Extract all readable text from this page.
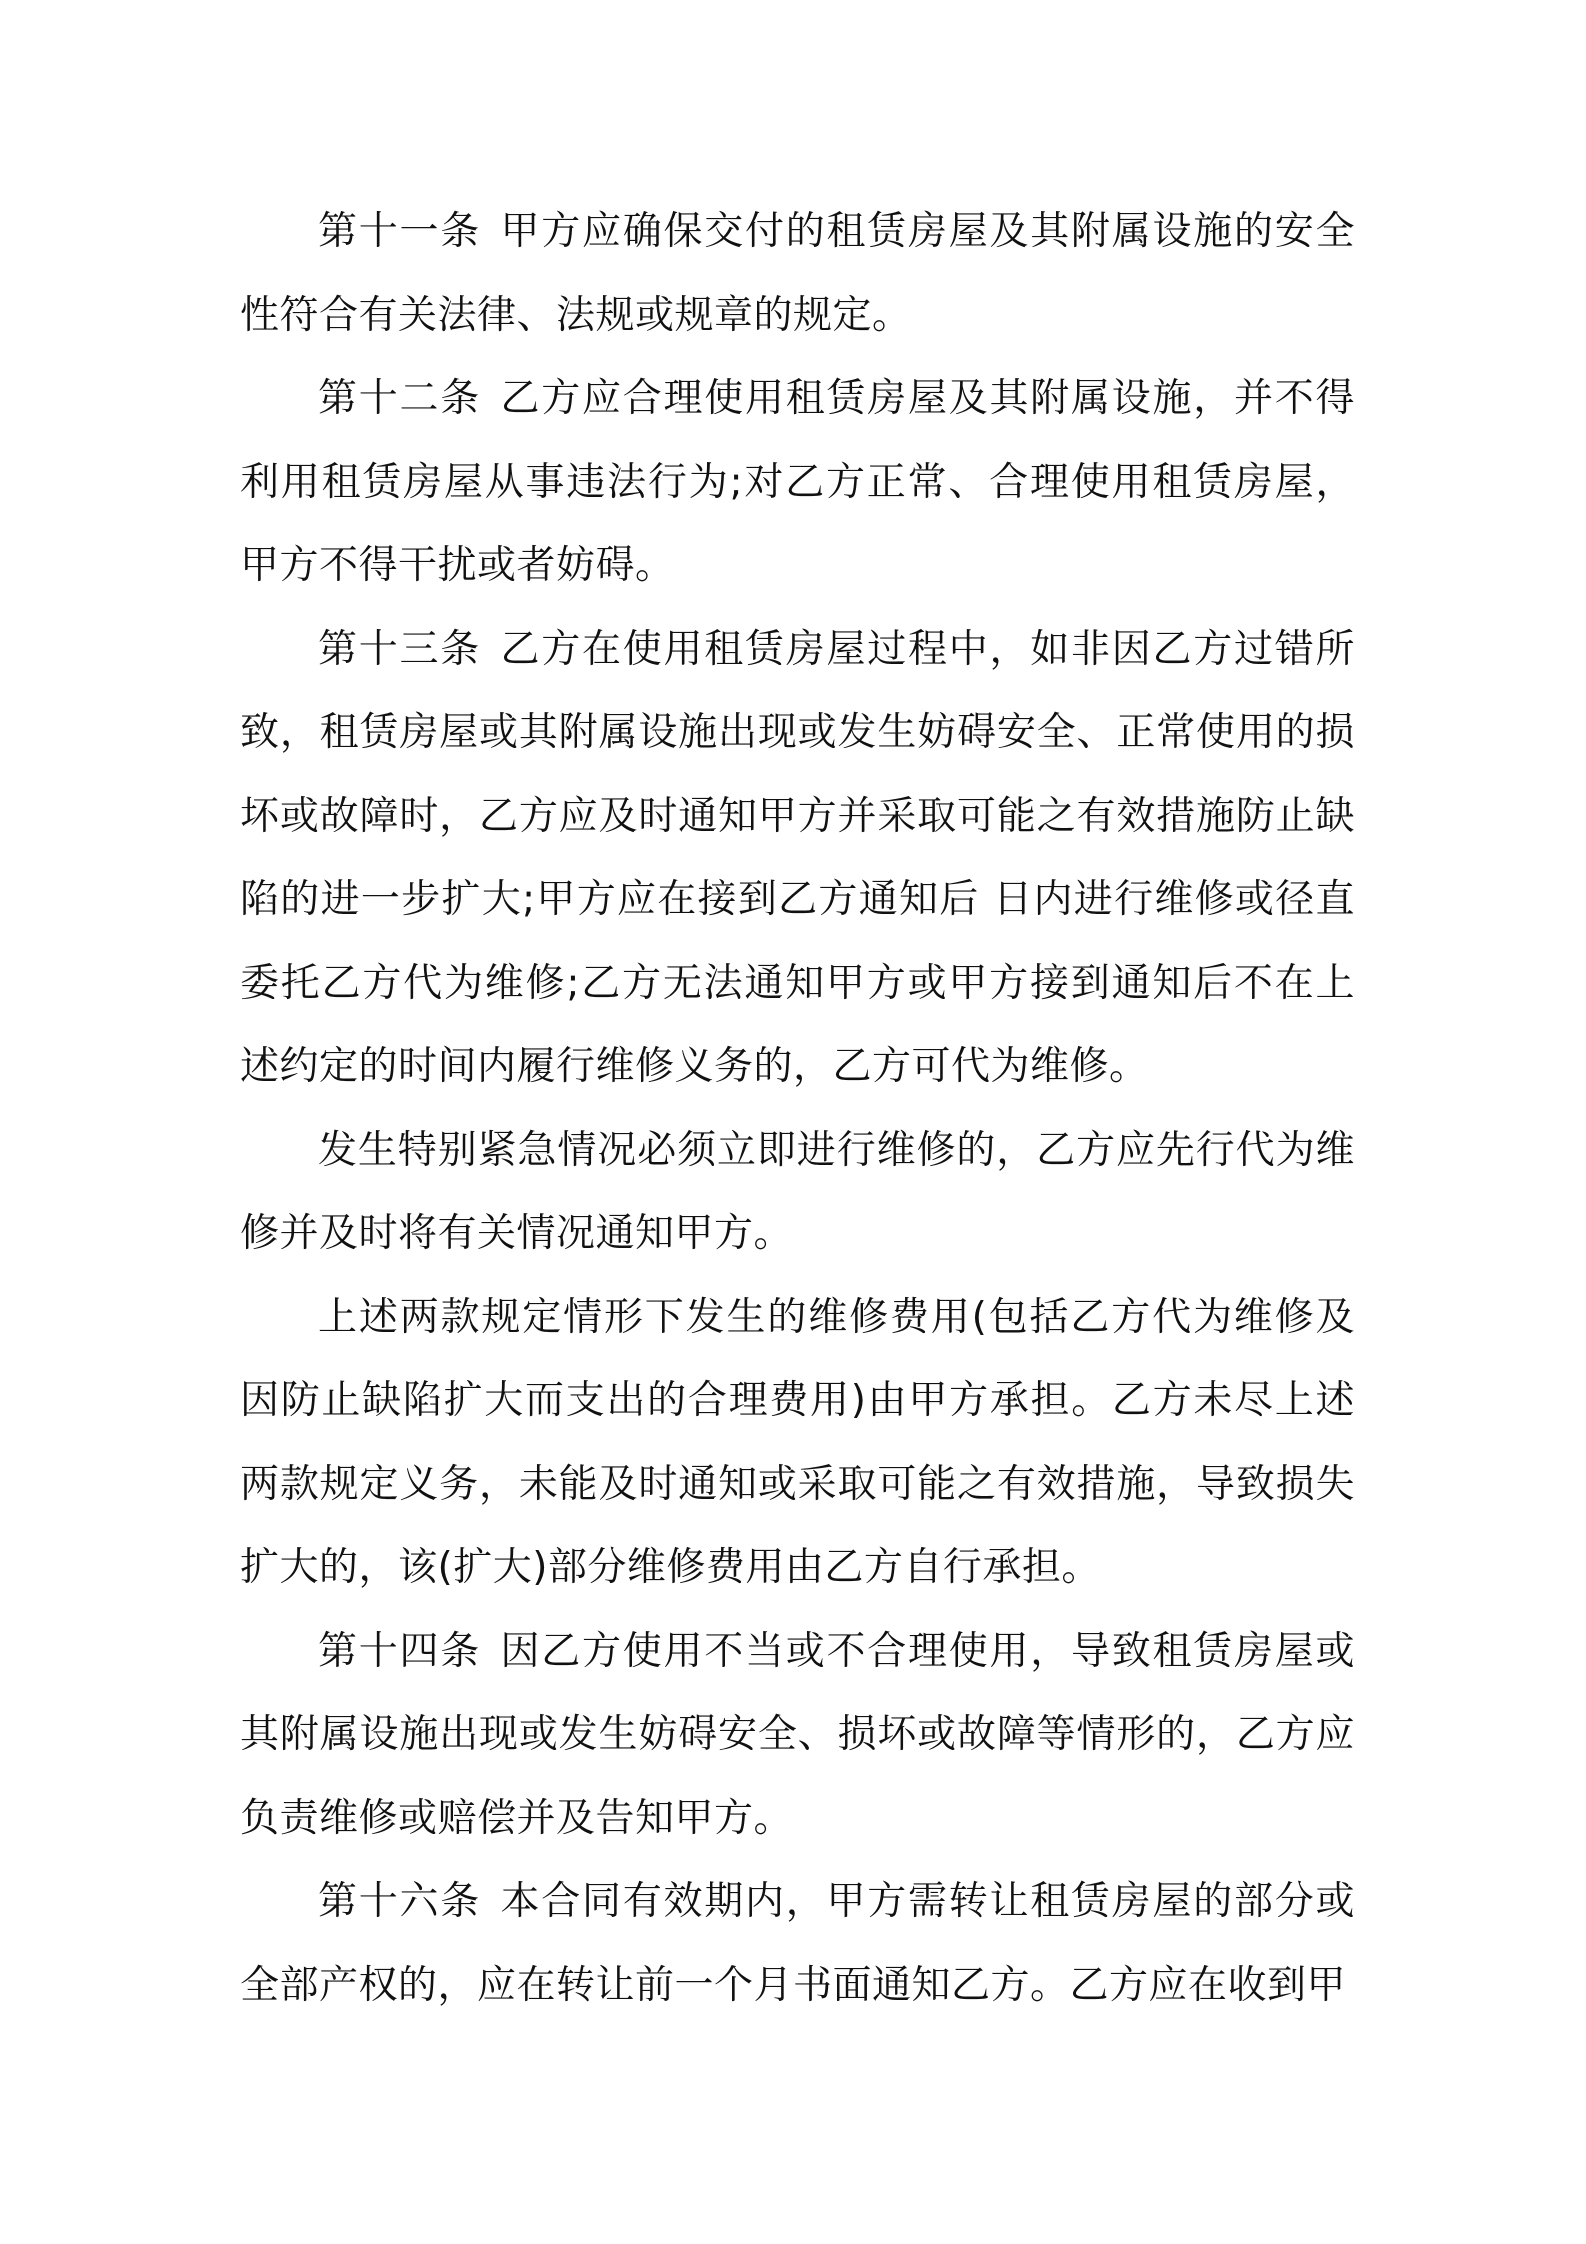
第十一条 甲方应确保交付的租赁房屋及其附属设施的安全性符合有关法律、法规或规章的规定。

第十二条 乙方应合理使用租赁房屋及其附属设施，并不得利用租赁房屋从事违法行为;对乙方正常、合理使用租赁房屋，甲方不得干扰或者妨碍。

第十三条 乙方在使用租赁房屋过程中，如非因乙方过错所致，租赁房屋或其附属设施出现或发生妨碍安全、正常使用的损坏或故障时，乙方应及时通知甲方并采取可能之有效措施防止缺陷的进一步扩大;甲方应在接到乙方通知后 日内进行维修或径直委托乙方代为维修;乙方无法通知甲方或甲方接到通知后不在上述约定的时间内履行维修义务的，乙方可代为维修。

发生特别紧急情况必须立即进行维修的，乙方应先行代为维修并及时将有关情况通知甲方。

上述两款规定情形下发生的维修费用(包括乙方代为维修及因防止缺陷扩大而支出的合理费用)由甲方承担。乙方未尽上述两款规定义务，未能及时通知或采取可能之有效措施，导致损失扩大的，该(扩大)部分维修费用由乙方自行承担。

第十四条 因乙方使用不当或不合理使用，导致租赁房屋或其附属设施出现或发生妨碍安全、损坏或故障等情形的，乙方应负责维修或赔偿并及告知甲方。

第十六条 本合同有效期内，甲方需转让租赁房屋的部分或全部产权的，应在转让前一个月书面通知乙方。乙方应在收到甲
